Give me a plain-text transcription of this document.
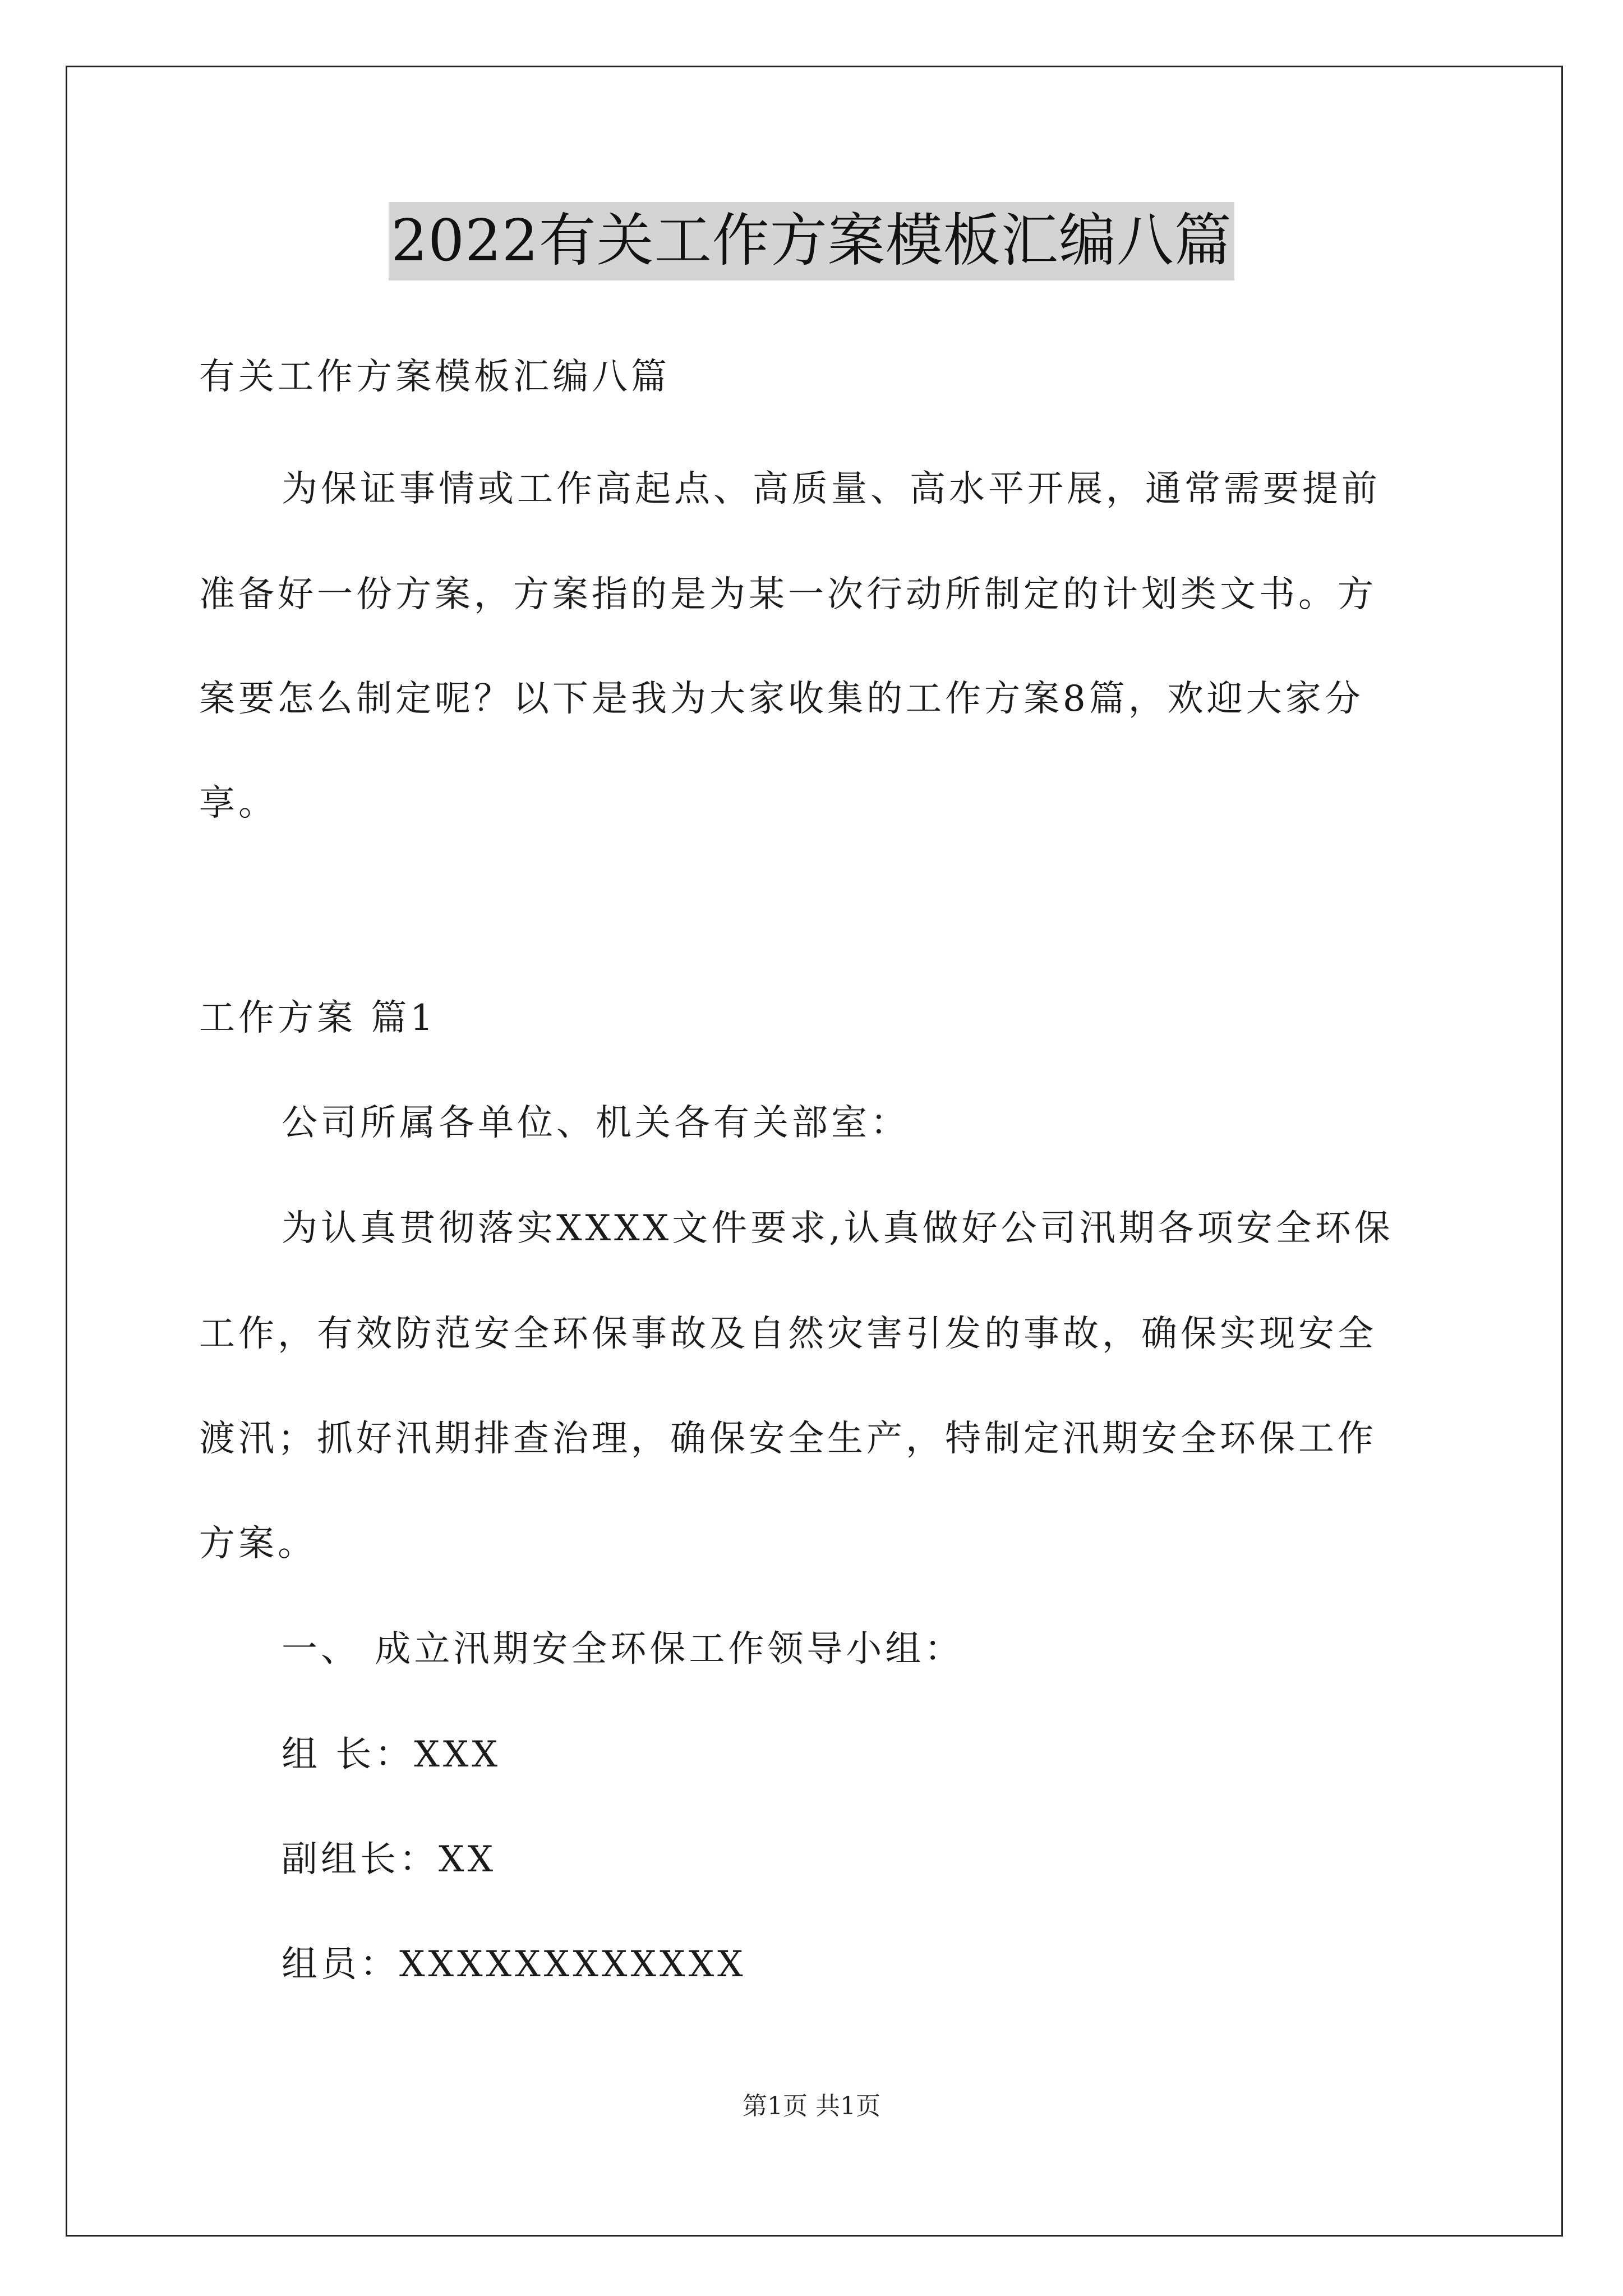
2022有关工作方案模板汇编八篇
有关工作方案模板汇编八篇
为保证事情或工作高起点、高质量、高水平开展，通常需要提前
准备好一份方案，方案指的是为某一次行动所制定的计划类文书。方
案要怎么制定呢？以下是我为大家收集的工作方案8篇，欢迎大家分
享。
工作方案 篇1
公司所属各单位、机关各有关部室：
为认真贯彻落实XXXX文件要求,认真做好公司汛期各项安全环保
工作，有效防范安全环保事故及自然灾害引发的事故，确保实现安全
渡汛；抓好汛期排查治理，确保安全生产，特制定汛期安全环保工作
方案。
一、 成立汛期安全环保工作领导小组：
组 长：XXX
副组长：XX
组员：XXXXXXXXXXXX
第1页 共1页
